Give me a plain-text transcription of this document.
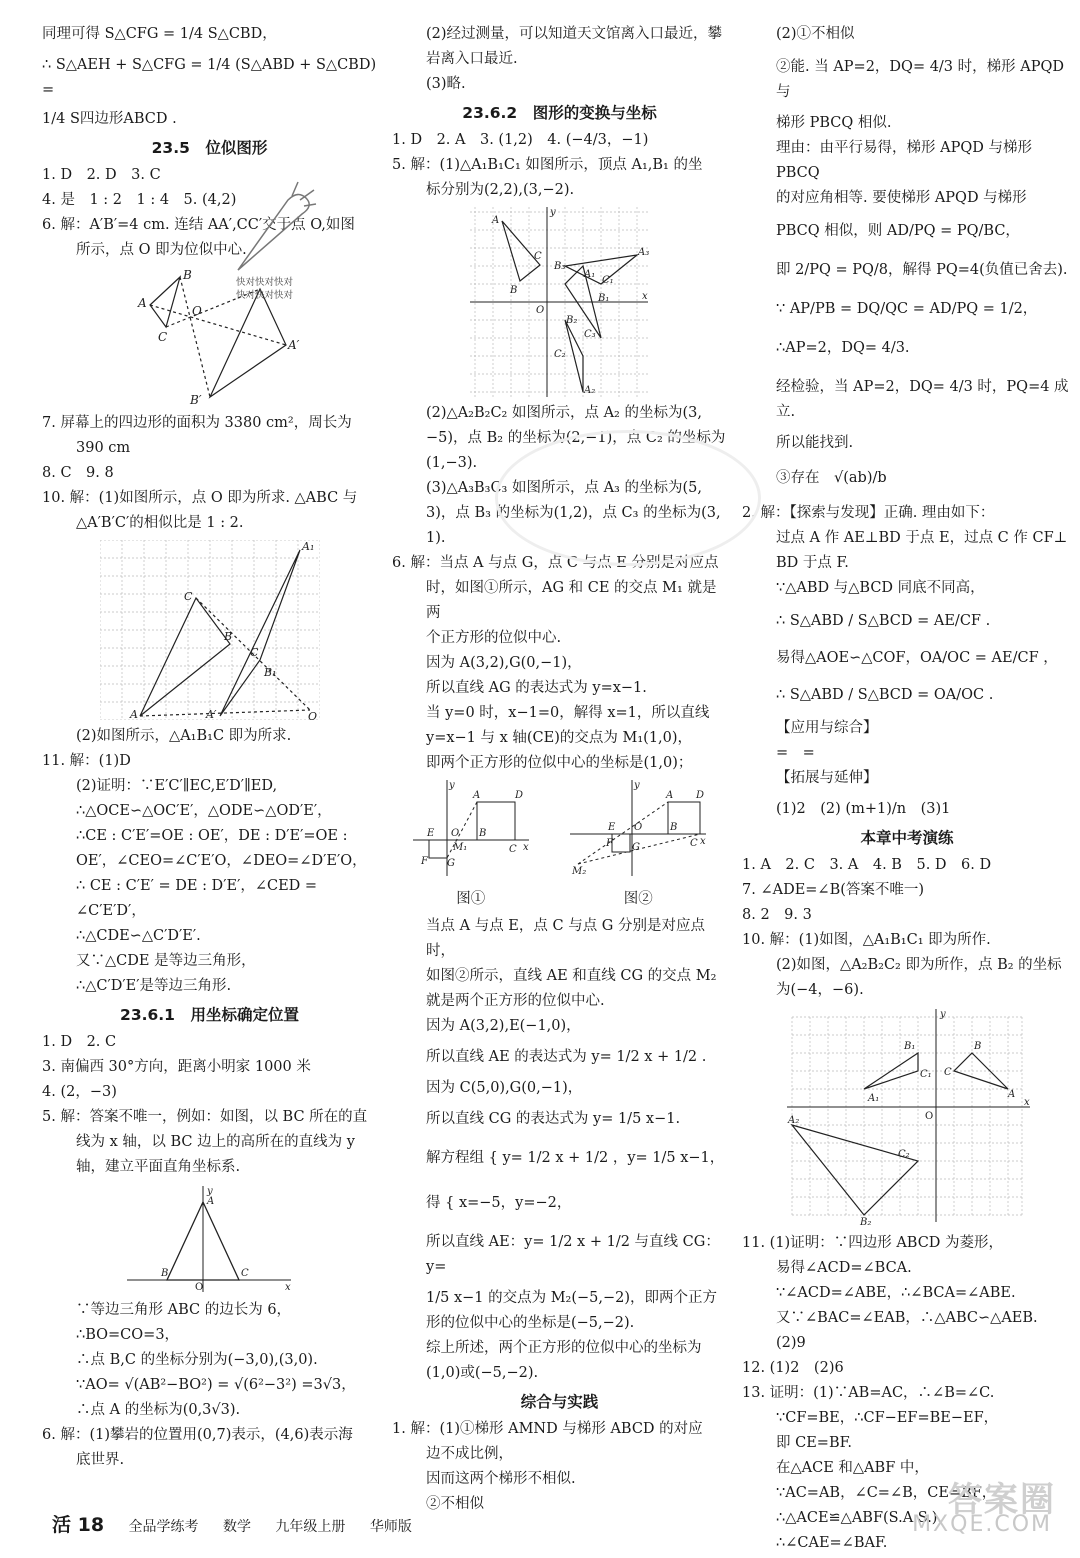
同理可得 S△CFG = 1/4 S△CBD，
∴ S△AEH + S△CFG = 1/4 (S△ABD + S△CBD) =
1/4 S四边形ABCD .
23.5　位似图形
1. D　2. D　3. C
4. 是　1 : 2　1 : 4　5. (4,2)
6. 解：A′B′=4 cm. 连结 AA′,CC′交于点 O,如图
所示，点 O 即为位似中心.
B
A
C
O
A′
B′
7. 屏幕上的四边形的面积为 3380 cm²，周长为
390 cm
8. C　9. 8
10. 解：(1)如图所示，点 O 即为所求. △ABC 与
△A′B′C′的相似比是 1 : 2.
C
A
B
A₁
C
A′
B₁
O
(2)如图所示，△A₁B₁C 即为所求.
11. 解：(1)D
(2)证明：∵E′C′∥EC,E′D′∥ED,
∴△OCE∽△OC′E′，△ODE∽△OD′E′，
∴CE : C′E′=OE : OE′，DE : D′E′=OE :
OE′，∠CEO=∠C′E′O，∠DEO=∠D′E′O，
∴ CE : C′E′ = DE : D′E′，∠CED =
∠C′E′D′，
∴△CDE∽△C′D′E′.
又∵△CDE 是等边三角形，
∴△C′D′E′是等边三角形.
23.6.1　用坐标确定位置
1. D　2. C
3. 南偏西 30°方向，距离小明家 1000 米
4. (2，−3)
5. 解：答案不唯一，例如：如图，以 BC 所在的直
线为 x 轴，以 BC 边上的高所在的直线为 y
轴，建立平面直角坐标系.
A
B	C
O	x
y
∵等边三角形 ABC 的边长为 6，
∴BO=CO=3，
∴点 B,C 的坐标分别为(−3,0),(3,0).
∵AO= √(AB²−BO²) = √(6²−3²) =3√3，
∴点 A 的坐标为(0,3√3).
6. 解：(1)攀岩的位置用(0,7)表示，(4,6)表示海
底世界.
(2)经过测量，可以知道天文馆离入口最近，攀
岩离入口最近.
(3)略.
23.6.2　图形的变换与坐标
1. D　2. A　3. (1,2)　4. (−4/3，−1)
5. 解：(1)△A₁B₁C₁ 如图所示，顶点 A₁,B₁ 的坐
标分别为(2,2),(3,−2).
A
C
B
y
x
O
A₃
B₃
C₁
C₃
B₂
C₂
A₂
A₁
B₁
(2)△A₂B₂C₂ 如图所示，点 A₂ 的坐标为(3,
−5)，点 B₂ 的坐标为(2,−1)，点 C₂ 的坐标为
(1,−3).
(3)△A₃B₃C₃ 如图所示，点 A₃ 的坐标为(5,
3)，点 B₃ 的坐标为(1,2)，点 C₃ 的坐标为(3,
1).
6. 解：当点 A 与点 G，点 C 与点 E 分别是对应点
时，如图①所示，AG 和 CE 的交点 M₁ 就是两
个正方形的位似中心.
因为 A(3,2),G(0,−1)，
所以直线 AG 的表达式为 y=x−1.
当 y=0 时，x−1=0，解得 x=1，所以直线
y=x−1 与 x 轴(CE)的交点为 M₁(1,0)，
即两个正方形的位似中心的坐标是(1,0)；
A	D
B
C x
E
F G
M₁
y
O
图①
A D
B
C x
E
F G
M₂
y
O
图②
当点 A 与点 E，点 C 与点 G 分别是对应点时，
如图②所示，直线 AE 和直线 CG 的交点 M₂
就是两个正方形的位似中心.
因为 A(3,2),E(−1,0)，
所以直线 AE 的表达式为 y= 1/2 x + 1/2 .
因为 C(5,0),G(0,−1)，
所以直线 CG 的表达式为 y= 1/5 x−1.
解方程组 { y= 1/2 x + 1/2 ，y= 1/5 x−1，
得 { x=−5，y=−2，
所以直线 AE：y= 1/2 x + 1/2 与直线 CG：y=
1/5 x−1 的交点为 M₂(−5,−2)，即两个正方
形的位似中心的坐标是(−5,−2).
综上所述，两个正方形的位似中心的坐标为
(1,0)或(−5,−2).
综合与实践
1. 解：(1)①梯形 AMND 与梯形 ABCD 的对应
边不成比例，
因而这两个梯形不相似.
②不相似
(2)①不相似
②能. 当 AP=2，DQ= 4/3 时，梯形 APQD 与
梯形 PBCQ 相似.
理由：由平行易得，梯形 APQD 与梯形 PBCQ
的对应角相等. 要使梯形 APQD 与梯形
PBCQ 相似，则 AD/PQ = PQ/BC，
即 2/PQ = PQ/8，解得 PQ=4(负值已舍去).
∵ AP/PB = DQ/QC = AD/PQ = 1/2，
∴AP=2，DQ= 4/3.
经检验，当 AP=2，DQ= 4/3 时，PQ=4 成立.
所以能找到.
③存在　√(ab)/b
2. 解：【探索与发现】正确. 理由如下：
过点 A 作 AE⊥BD 于点 E，过点 C 作 CF⊥
BD 于点 F.
∵△ABD 与△BCD 同底不同高，
∴ S△ABD / S△BCD = AE/CF .
易得△AOE∽△COF，OA/OC = AE/CF ，
∴ S△ABD / S△BCD = OA/OC .
【应用与综合】
=　=
【拓展与延伸】
(1)2　(2) (m+1)/n　(3)1
本章中考演练
1. A　2. C　3. A　4. B　5. D　6. D
7. ∠ADE=∠B(答案不唯一)
8. 2　9. 3
10. 解：(1)如图，△A₁B₁C₁ 即为所作.
(2)如图，△A₂B₂C₂ 即为所作，点 B₂ 的坐标
为(−4，−6).
B
A
C
B₁
A₁
C₁
A₂
B₂
C₂
O
x
y
11. (1)证明：∵四边形 ABCD 为菱形，
易得∠ACD=∠BCA.
∵∠ACD=∠ABE，∴∠BCA=∠ABE.
又∵∠BAC=∠EAB，∴△ABC∽△AEB.
(2)9
12. (1)2　(2)6
13. 证明：(1)∵AB=AC，∴∠B=∠C.
∵CF=BE，∴CF−EF=BE−EF，
即 CE=BF.
在△ACE 和△ABF 中，
∵AC=AB，∠C=∠B，CE=BF，
∴△ACE≌△ABF(S.A.S.)，
∴∠CAE=∠BAF.
快对快对快对
快对快对快对
活 18 全品学练考 数学 九年级上册 华师版
答案圈
MXQE.COM
